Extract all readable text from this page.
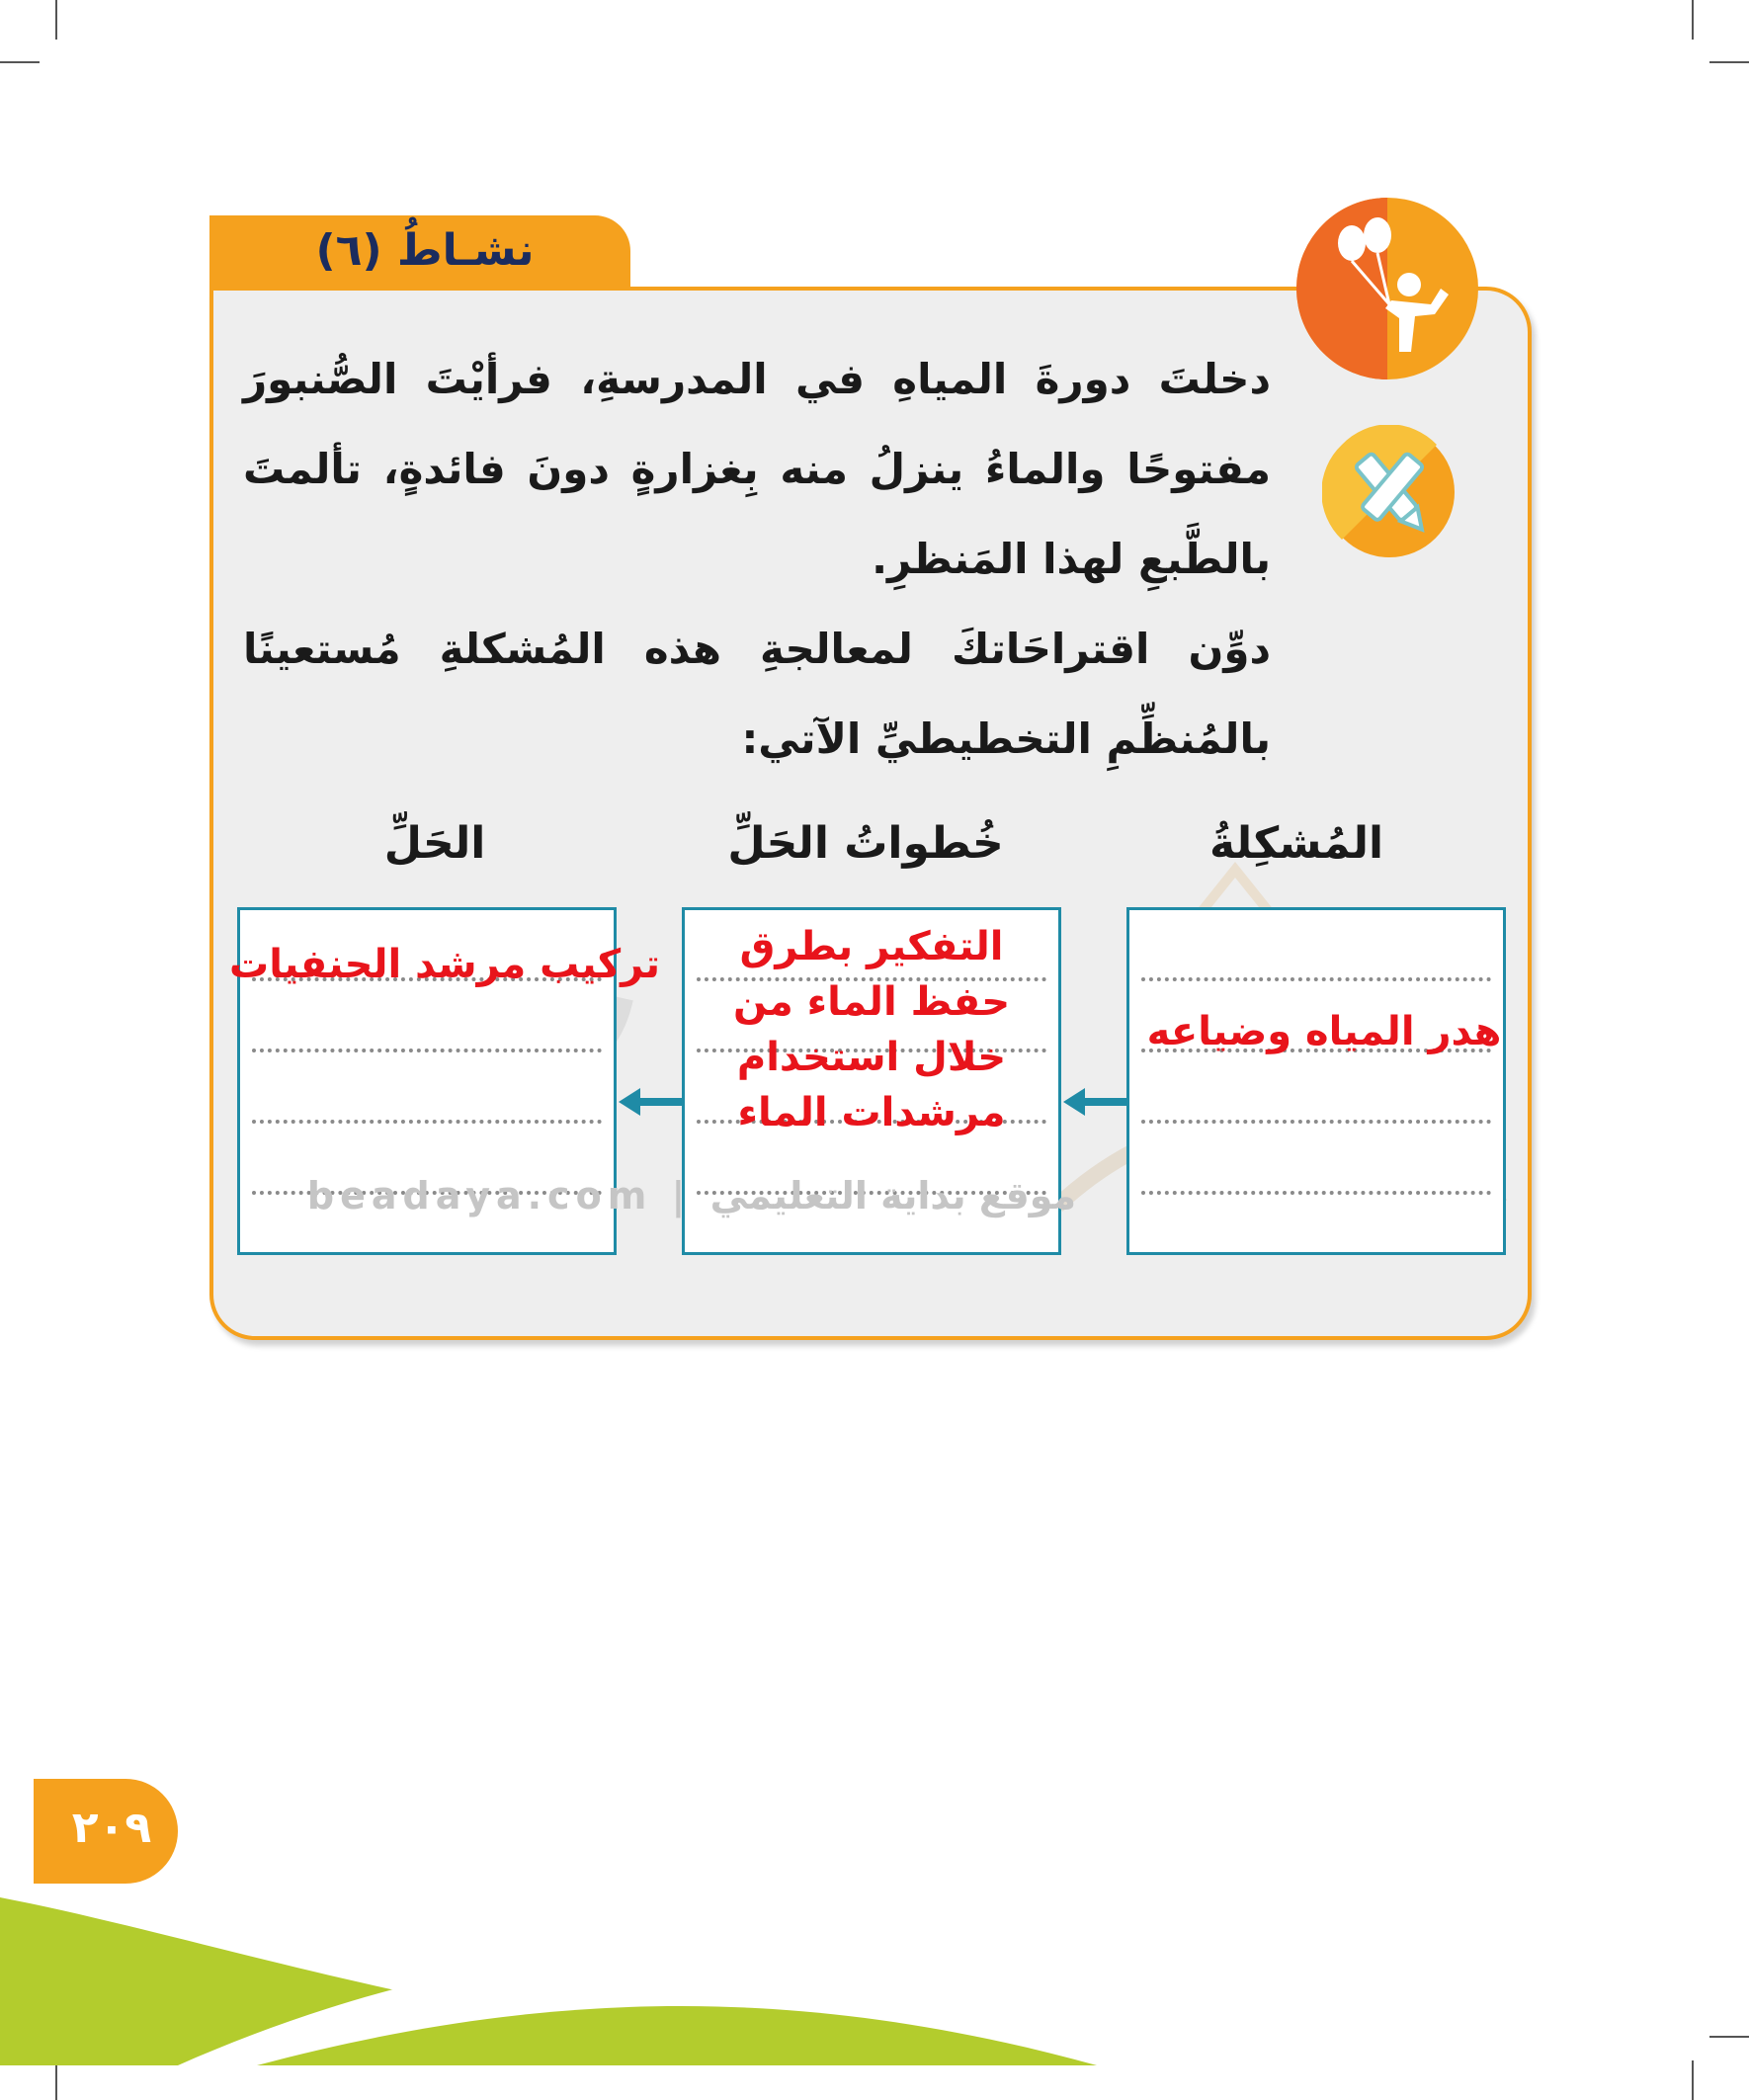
نشـاطُ (٦)

دخلتَ دورةَ المياهِ في المدرسةِ، فرأيْتَ الصُّنبورَ مفتوحًا والماءُ ينزلُ منه بِغزارةٍ دونَ فائدةٍ، تألمتَ بالطَّبعِ لهذا المَنظرِ.

دوِّن اقتراحَاتكَ لمعالجةِ هذه المُشكلةِ مُستعينًا بالمُنظِّمِ التخطيطيِّ الآتي:

المُشكِلةُ
خُطواتُ الحَلِّ
الحَلِّ
هدر المياه وضياعه
التفكير بطرق حفظ الماء من خلال استخدام مرشدات الماء
تركيب مرشد الحنفيات
beadaya.com | موقع بداية التعليمي
٢٠٩
